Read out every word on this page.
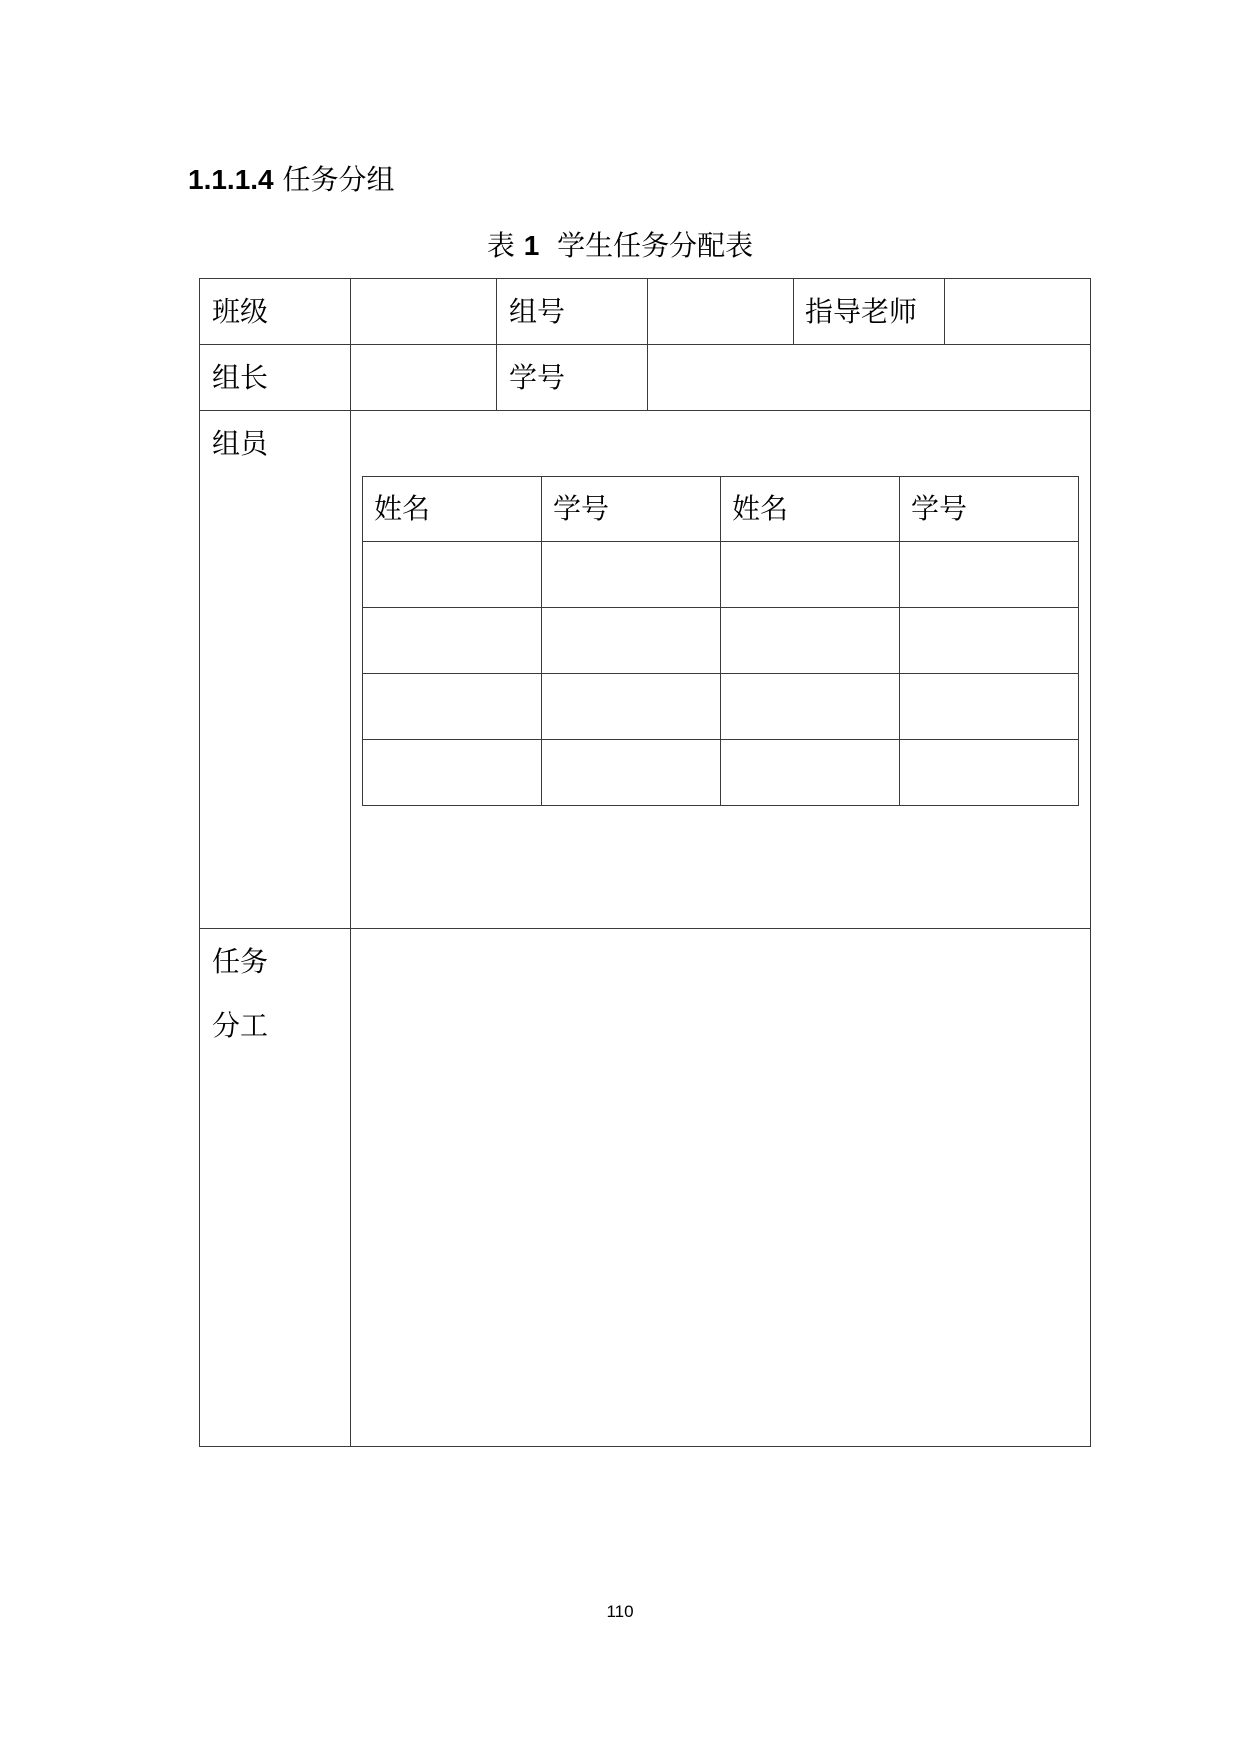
1.1.1.4 任务分组
表 1 学生任务分配表
班级	组号	指导老师
组长	学号
组员
姓名	学号	姓名	学号
任务
分工
110
